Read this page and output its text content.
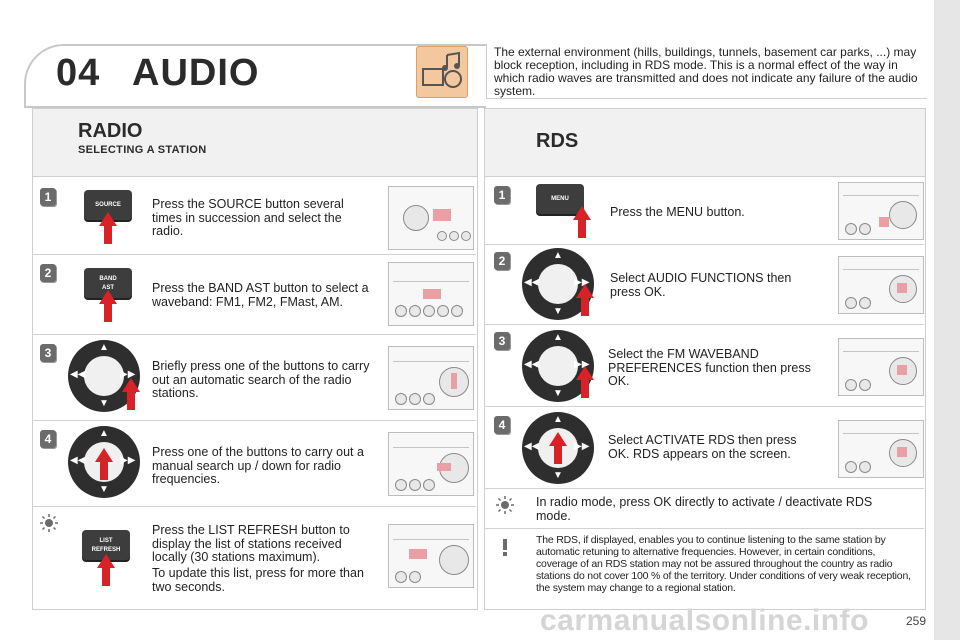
04 AUDIO	The external environment (hills, buildings, tunnels, basement car parks, ...) may block reception, including in RDS mode. This is a normal effect of the way in which radio waves are transmitted and does not indicate any failure of the audio system.
RADIO
SELECTING A STATION
1
SOURCE	Press the SOURCE button several times in succession and select the radio.
2	BAND
AST	Press the BAND AST button to select a waveband: FM1, FM2, FMast, AM.
3	▲
▼
◀◀	▶▶
Briefly press one of the buttons to carry out an automatic search of the radio stations.
4	▲
▼
◀◀	▶▶
Press one of the buttons to carry out a manual search up / down for radio frequencies.
LIST
REFRESH
Press the LIST REFRESH button to display the list of stations received locally (30 stations maximum).
To update this list, press for more than two seconds.
RDS
1	MENU
Press the MENU button.
2	▲
▼
◀◀	▶▶ Select AUDIO FUNCTIONS then press OK.
3	▲
▼
◀◀	▶▶
Select the FM WAVEBAND PREFERENCES function then press OK.
4	▲
▼
◀◀	▶▶ Select ACTIVATE RDS then press OK. RDS appears on the screen.
In radio mode, press OK directly to activate / deactivate RDS mode.
The RDS, if displayed, enables you to continue listening to the same station by automatic retuning to alternative frequencies. However, in certain conditions, coverage of an RDS station may not be assured throughout the country as radio stations do not cover 100 % of the territory. Under conditions of very weak reception, the system may change to a regional station.
carmanualsonline.info	259
